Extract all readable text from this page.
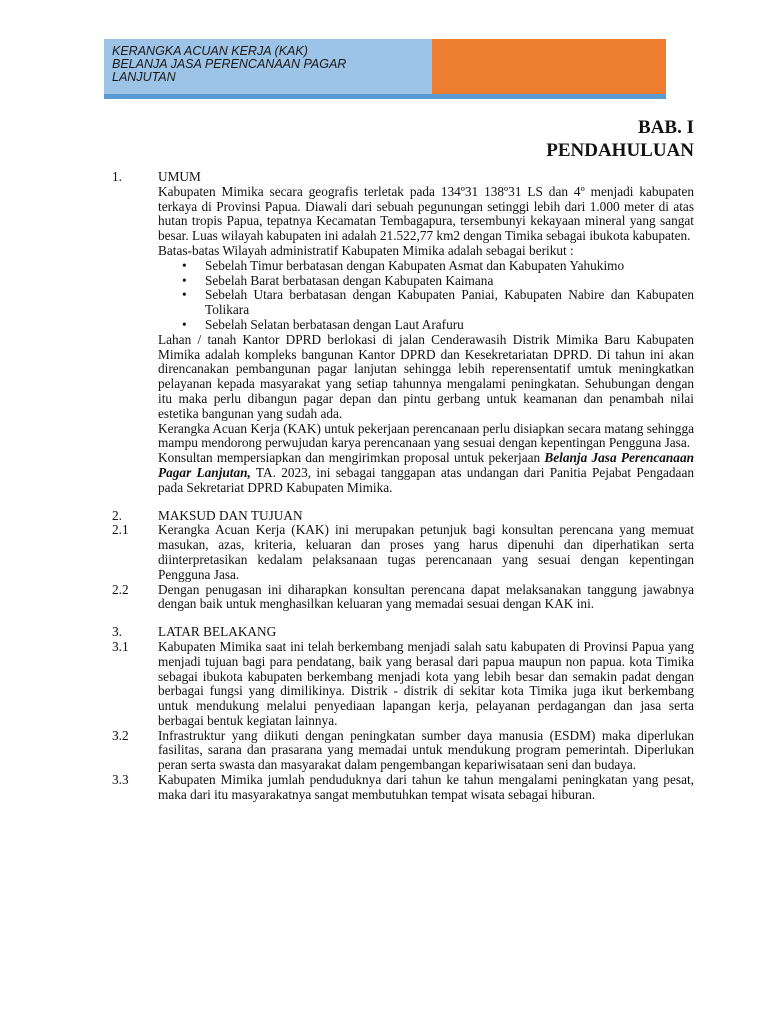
KERANGKA ACUAN KERJA (KAK)
BELANJA JASA PERENCANAAN PAGAR
LANJUTAN
BAB. I
PENDAHULUAN
1.	UMUM

Kabupaten Mimika secara geografis terletak pada 134º31 138º31 LS dan 4º menjadi kabupaten terkaya di Provinsi Papua. Diawali dari sebuah pegunungan setinggi lebih dari 1.000 meter di atas hutan tropis Papua, tepatnya Kecamatan Tembagapura, tersembunyi kekayaan mineral yang sangat besar. Luas wilayah kabupaten ini adalah 21.522,77 km2 dengan Timika sebagai ibukota kabupaten.

Batas-batas Wilayah administratif Kabupaten Mimika adalah sebagai berikut :

•	Sebelah Timur berbatasan dengan Kabupaten Asmat dan Kabupaten Yahukimo
•	Sebelah Barat berbatasan dengan Kabupaten Kaimana
•	Sebelah Utara berbatasan dengan Kabupaten Paniai, Kabupaten Nabire dan Kabupaten Tolikara
•	Sebelah Selatan berbatasan dengan Laut Arafuru

Lahan / tanah Kantor DPRD berlokasi di jalan Cenderawasih Distrik Mimika Baru Kabupaten Mimika adalah kompleks bangunan Kantor DPRD dan Kesekretariatan DPRD. Di tahun ini akan direncanakan pembangunan pagar lanjutan sehingga lebih reperensentatif umtuk meningkatkan pelayanan kepada masyarakat yang setiap tahunnya mengalami peningkatan. Sehubungan dengan itu maka perlu dibangun pagar depan dan pintu gerbang untuk keamanan dan penambah nilai estetika bangunan yang sudah ada.

Kerangka Acuan Kerja (KAK) untuk pekerjaan perencanaan perlu disiapkan secara matang sehingga mampu mendorong perwujudan karya perencanaan yang sesuai dengan kepentingan Pengguna Jasa.

Konsultan mempersiapkan dan mengirimkan proposal untuk pekerjaan Belanja Jasa Perencanaan Pagar Lanjutan, TA. 2023, ini sebagai tanggapan atas undangan dari Panitia Pejabat Pengadaan pada Sekretariat DPRD Kabupaten Mimika.

2.	MAKSUD DAN TUJUAN
2.1	Kerangka Acuan Kerja (KAK) ini merupakan petunjuk bagi konsultan perencana yang memuat masukan, azas, kriteria, keluaran dan proses yang harus dipenuhi dan diperhatikan serta diinterpretasikan kedalam pelaksanaan tugas perencanaan yang sesuai dengan kepentingan Pengguna Jasa.

2.2	Dengan penugasan ini diharapkan konsultan perencana dapat melaksanakan tanggung jawabnya dengan baik untuk menghasilkan keluaran yang memadai sesuai dengan KAK ini.

3.	LATAR BELAKANG
3.1	Kabupaten Mimika saat ini telah berkembang menjadi salah satu kabupaten di Provinsi Papua yang menjadi tujuan bagi para pendatang, baik yang berasal dari papua maupun non papua. kota Timika sebagai ibukota kabupaten berkembang menjadi kota yang lebih besar dan semakin padat dengan berbagai fungsi yang dimilikinya. Distrik - distrik di sekitar kota Timika juga ikut berkembang untuk mendukung melalui penyediaan lapangan kerja, pelayanan perdagangan dan jasa serta berbagai bentuk kegiatan lainnya.

3.2	Infrastruktur yang diikuti dengan peningkatan sumber daya manusia (ESDM) maka diperlukan fasilitas, sarana dan prasarana yang memadai untuk mendukung program pemerintah. Diperlukan peran serta swasta dan masyarakat dalam pengembangan kepariwisataan seni dan budaya.

3.3	Kabupaten Mimika jumlah penduduknya dari tahun ke tahun mengalami peningkatan yang pesat, maka dari itu masyarakatnya sangat membutuhkan tempat wisata sebagai hiburan.
